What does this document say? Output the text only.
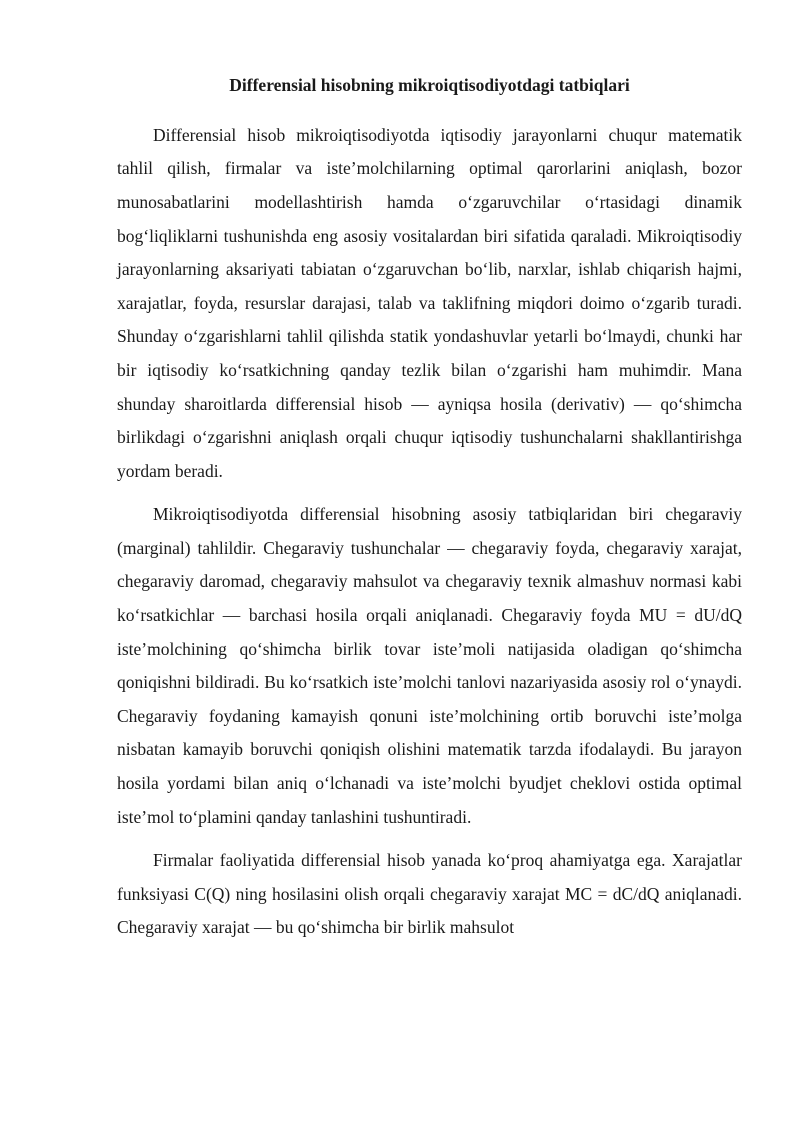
Differensial hisobning mikroiqtisodiyotdagi tatbiqlari

Differensial hisob mikroiqtisodiyotda iqtisodiy jarayonlarni chuqur matematik tahlil qilish, firmalar va iste’molchilarning optimal qarorlarini aniqlash, bozor munosabatlarini modellashtirish hamda o‘zgaruvchilar o‘rtasidagi dinamik bog‘liqliklarni tushunishda eng asosiy vositalardan biri sifatida qaraladi. Mikroiqtisodiy jarayonlarning aksariyati tabiatan o‘zgaruvchan bo‘lib, narxlar, ishlab chiqarish hajmi, xarajatlar, foyda, resurslar darajasi, talab va taklifning miqdori doimo o‘zgarib turadi. Shunday o‘zgarishlarni tahlil qilishda statik yondashuvlar yetarli bo‘lmaydi, chunki har bir iqtisodiy ko‘rsatkichning qanday tezlik bilan o‘zgarishi ham muhimdir. Mana shunday sharoitlarda differensial hisob — ayniqsa hosila (derivativ) — qo‘shimcha birlikdagi o‘zgarishni aniqlash orqali chuqur iqtisodiy tushunchalarni shakllantirishga yordam beradi.

Mikroiqtisodiyotda differensial hisobning asosiy tatbiqlaridan biri chegaraviy (marginal) tahlildir. Chegaraviy tushunchalar — chegaraviy foyda, chegaraviy xarajat, chegaraviy daromad, chegaraviy mahsulot va chegaraviy texnik almashuv normasi kabi ko‘rsatkichlar — barchasi hosila orqali aniqlanadi. Chegaraviy foyda MU = dU/dQ iste’molchining qo‘shimcha birlik tovar iste’moli natijasida oladigan qo‘shimcha qoniqishni bildiradi. Bu ko‘rsatkich iste’molchi tanlovi nazariyasida asosiy rol o‘ynaydi. Chegaraviy foydaning kamayish qonuni iste’molchining ortib boruvchi iste’molga nisbatan kamayib boruvchi qoniqish olishini matematik tarzda ifodalaydi. Bu jarayon hosila yordami bilan aniq o‘lchanadi va iste’molchi byudjet cheklovi ostida optimal iste’mol to‘plamini qanday tanlashini tushuntiradi.

Firmalar faoliyatida differensial hisob yanada ko‘proq ahamiyatga ega. Xarajatlar funksiyasi C(Q) ning hosilasini olish orqali chegaraviy xarajat MC = dC/dQ aniqlanadi. Chegaraviy xarajat — bu qo‘shimcha bir birlik mahsulot
